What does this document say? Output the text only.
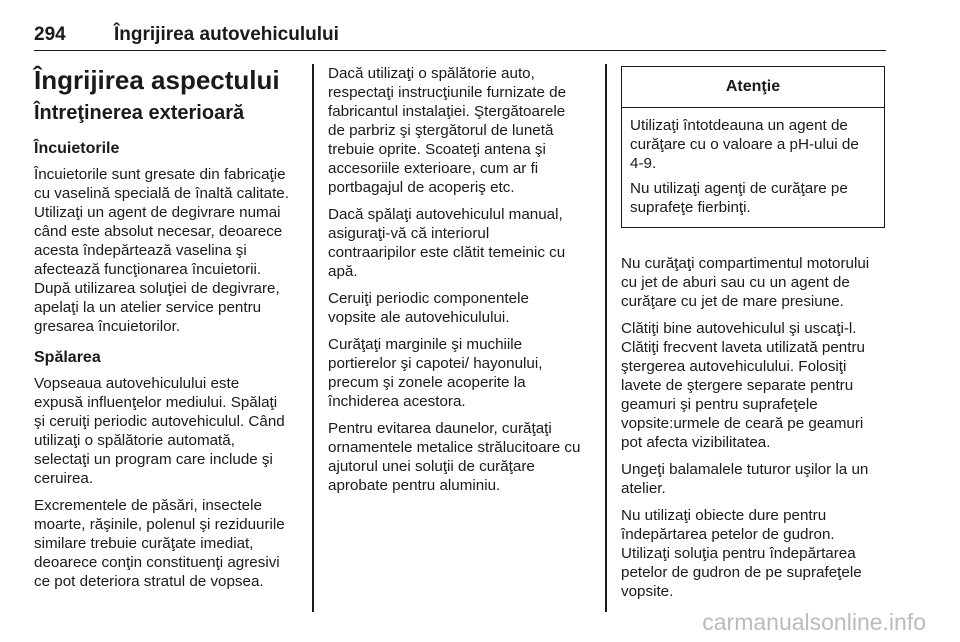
294	Îngrijirea autovehiculului
Îngrijirea aspectului
Întreţinerea exterioară
Încuietorile

Încuietorile sunt gresate din fabricaţie
cu vaselină specială de înaltă calitate.
Utilizaţi un agent de degivrare numai
când este absolut necesar, deoarece
acesta îndepărtează vaselina şi
afectează funcţionarea încuietorii.
După utilizarea soluţiei de degivrare,
apelaţi la un atelier service pentru
gresarea încuietorilor.

Spălarea

Vopseaua autovehiculului este
expusă influenţelor mediului. Spălaţi
şi ceruiţi periodic autovehiculul. Când
utilizaţi o spălătorie automată,
selectaţi un program care include şi
ceruirea.

Excrementele de păsări, insectele
moarte, răşinile, polenul şi reziduurile
similare trebuie curăţate imediat,
deoarece conţin constituenţi agresivi
ce pot deteriora stratul de vopsea.

Dacă utilizaţi o spălătorie auto,
respectaţi instrucţiunile furnizate de
fabricantul instalaţiei. Ştergătoarele
de parbriz şi ştergătorul de lunetă
trebuie oprite. Scoateţi antena şi
accesoriile exterioare, cum ar fi
portbagajul de acoperiş etc.

Dacă spălaţi autovehiculul manual,
asiguraţi-vă că interiorul
contraaripilor este clătit temeinic cu
apă.

Ceruiţi periodic componentele
vopsite ale autovehiculului.

Curăţaţi marginile şi muchiile
portierelor şi capotei/ hayonului,
precum şi zonele acoperite la
închiderea acestora.

Pentru evitarea daunelor, curăţaţi
ornamentele metalice strălucitoare cu
ajutorul unei soluţii de curăţare
aprobate pentru aluminiu.

Atenţie

Utilizaţi întotdeauna un agent de
curăţare cu o valoare a pH-ului de
4-9.

Nu utilizaţi agenţi de curăţare pe
suprafeţe fierbinţi.

Nu curăţaţi compartimentul motorului
cu jet de aburi sau cu un agent de
curăţare cu jet de mare presiune.

Clătiţi bine autovehiculul şi uscaţi-l.
Clătiţi frecvent laveta utilizată pentru
ştergerea autovehiculului. Folosiţi
lavete de ştergere separate pentru
geamuri şi pentru suprafeţele
vopsite:urmele de ceară pe geamuri
pot afecta vizibilitatea.

Ungeţi balamalele tuturor uşilor la un
atelier.

Nu utilizaţi obiecte dure pentru
îndepărtarea petelor de gudron.
Utilizaţi soluţia pentru îndepărtarea
petelor de gudron de pe suprafeţele
vopsite.

carmanualsonline.info
